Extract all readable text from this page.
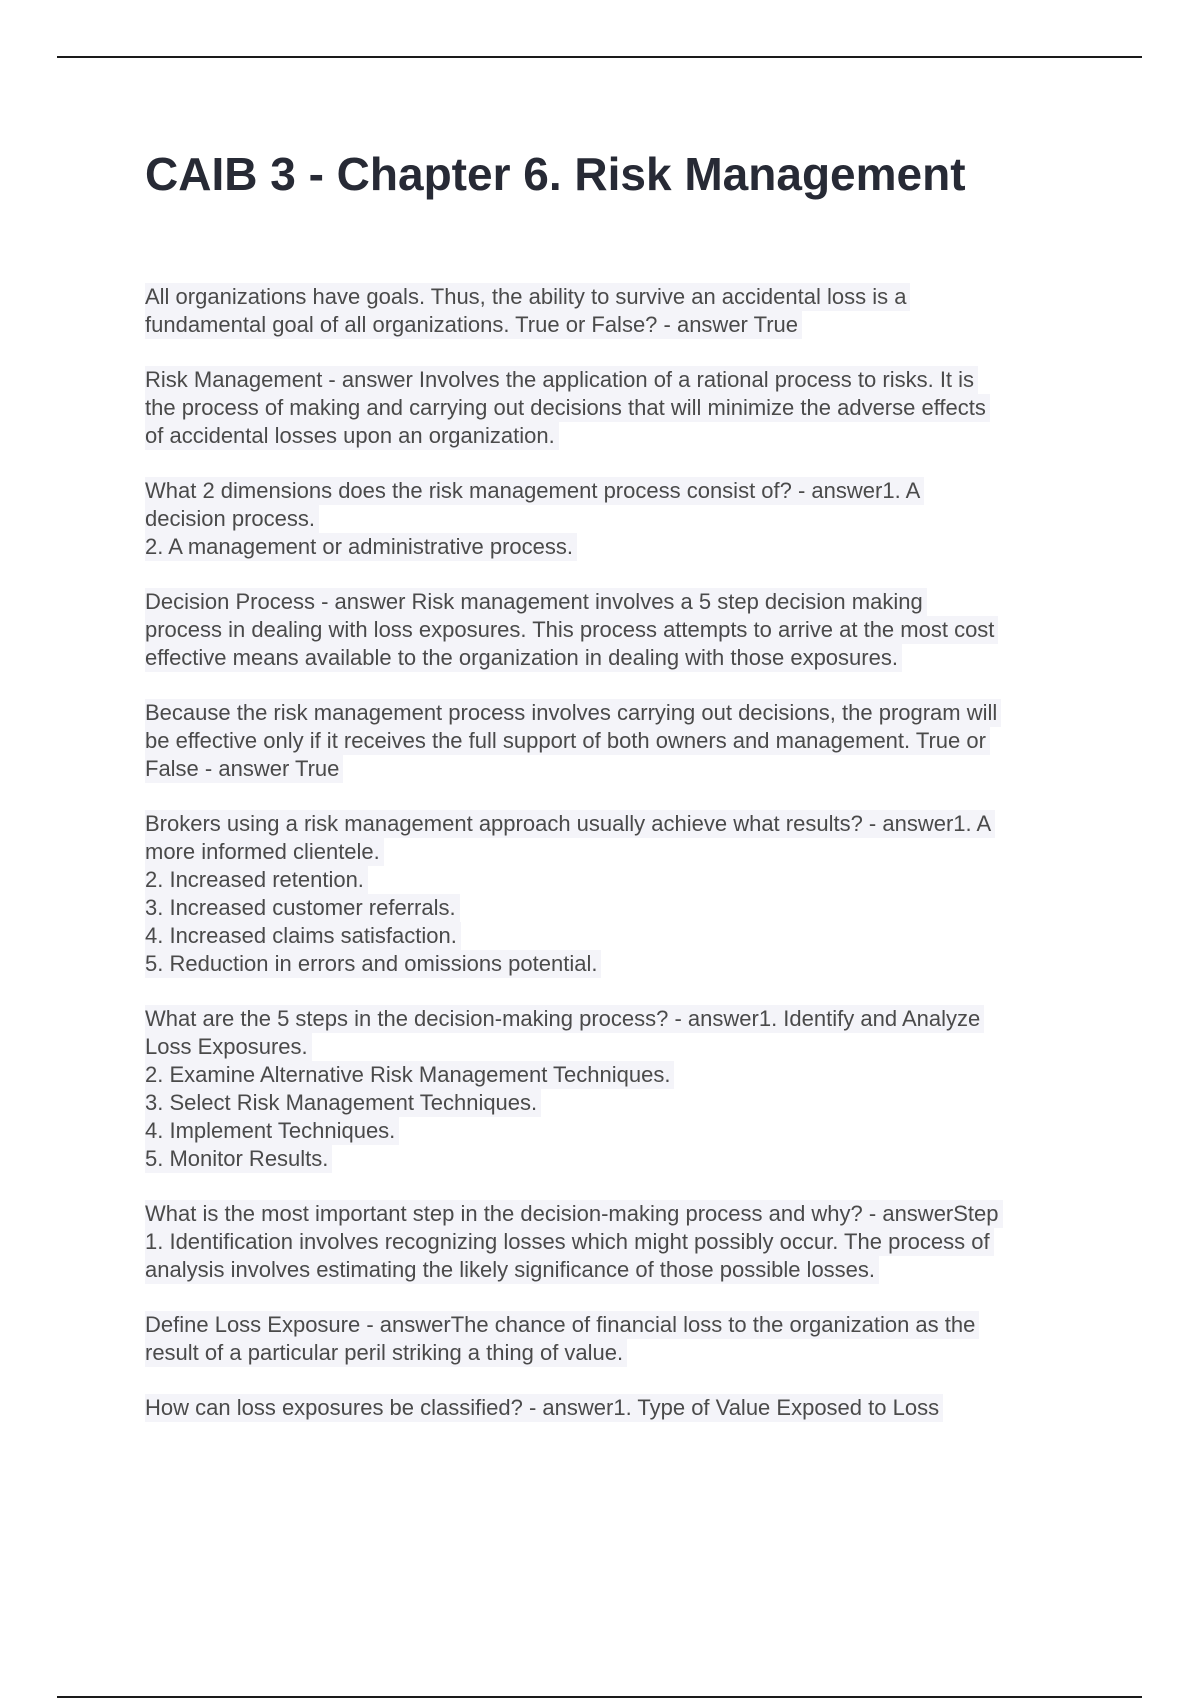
CAIB 3 - Chapter 6. Risk Management
All organizations have goals. Thus, the ability to survive an accidental loss is a
fundamental goal of all organizations. True or False? - answer True
Risk Management - answer Involves the application of a rational process to risks. It is
the process of making and carrying out decisions that will minimize the adverse effects
of accidental losses upon an organization.
What 2 dimensions does the risk management process consist of? - answer1. A
decision process.
2. A management or administrative process.
Decision Process - answer Risk management involves a 5 step decision making
process in dealing with loss exposures. This process attempts to arrive at the most cost
effective means available to the organization in dealing with those exposures.
Because the risk management process involves carrying out decisions, the program will
be effective only if it receives the full support of both owners and management. True or
False - answer True
Brokers using a risk management approach usually achieve what results? - answer1. A
more informed clientele.
2. Increased retention.
3. Increased customer referrals.
4. Increased claims satisfaction.
5. Reduction in errors and omissions potential.
What are the 5 steps in the decision-making process? - answer1. Identify and Analyze
Loss Exposures.
2. Examine Alternative Risk Management Techniques.
3. Select Risk Management Techniques.
4. Implement Techniques.
5. Monitor Results.
What is the most important step in the decision-making process and why? - answerStep
1. Identification involves recognizing losses which might possibly occur. The process of
analysis involves estimating the likely significance of those possible losses.
Define Loss Exposure - answerThe chance of financial loss to the organization as the
result of a particular peril striking a thing of value.
How can loss exposures be classified? - answer1. Type of Value Exposed to Loss
